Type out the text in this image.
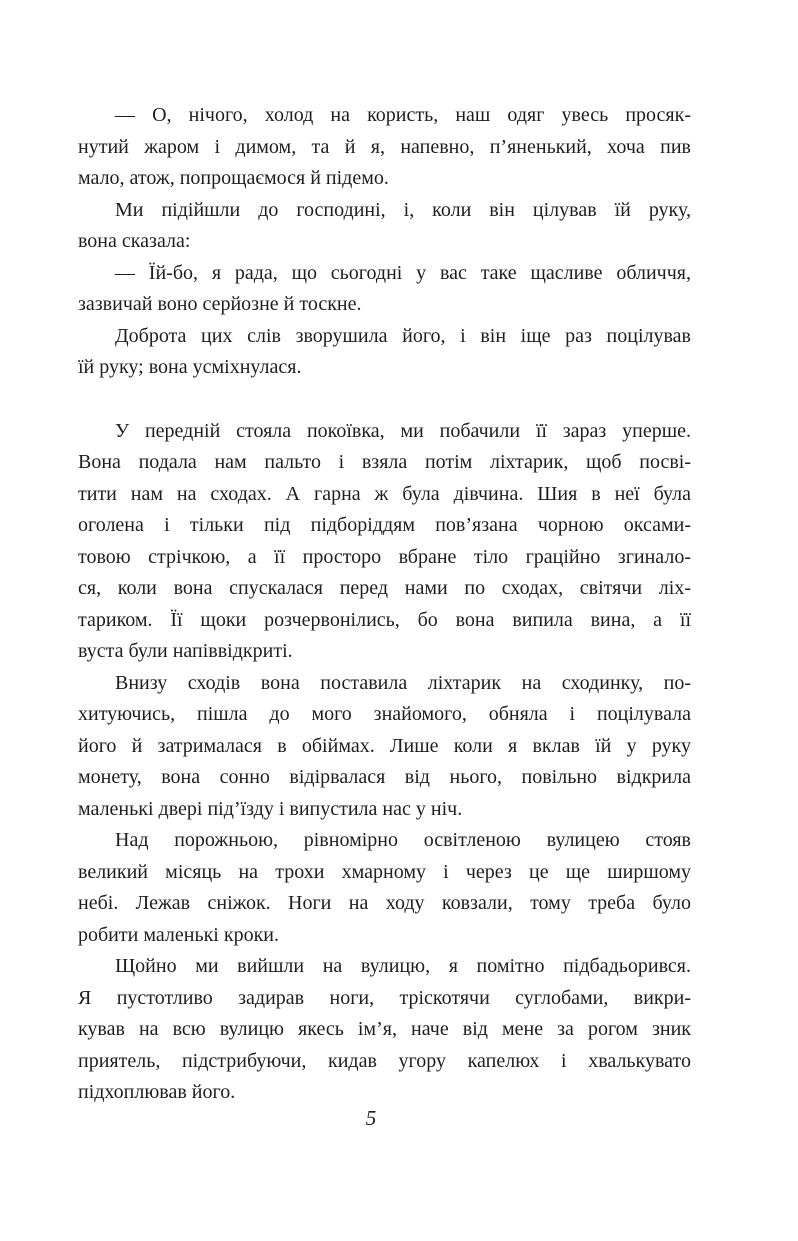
— О, нічого, холод на користь, наш одяг увесь просяк-
нутий жаром і димом, та й я, напевно, п’яненький, хоча пив
мало, атож, попрощаємося й підемо.
Ми підійшли до господині, і, коли він цілував їй руку,
вона сказала:
— Їй-бо, я рада, що сьогодні у вас таке щасливе обличчя,
зазвичай воно серйозне й тоскне.
Доброта цих слів зворушила його, і він іще раз поцілував
їй руку; вона усміхнулася.
У передній стояла покоївка, ми побачили її зараз уперше.
Вона подала нам пальто і взяла потім ліхтарик, щоб посві-
тити нам на сходах. А гарна ж була дівчина. Шия в неї була
оголена і тільки під підборіддям пов’язана чорною оксами-
товою стрічкою, а її просторо вбране тіло граційно згинало-
ся, коли вона спускалася перед нами по сходах, світячи ліх-
тариком. Її щоки розчервонілись, бо вона випила вина, а її
вуста були напіввідкриті.
Внизу сходів вона поставила ліхтарик на сходинку, по-
хитуючись, пішла до мого знайомого, обняла і поцілувала
його й затрималася в обіймах. Лише коли я вклав їй у руку
монету, вона сонно відірвалася від нього, повільно відкрила
маленькі двері під’їзду і випустила нас у ніч.
Над порожньою, рівномірно освітленою вулицею стояв
великий місяць на трохи хмарному і через це ще ширшому
небі. Лежав сніжок. Ноги на ходу ковзали, тому треба було
робити маленькі кроки.
Щойно ми вийшли на вулицю, я помітно підбадьорився.
Я пустотливо задирав ноги, тріскотячи суглобами, викри-
кував на всю вулицю якесь ім’я, наче від мене за рогом зник
приятель, підстрибуючи, кидав угору капелюх і хвалькувато
підхоплював його.
5
